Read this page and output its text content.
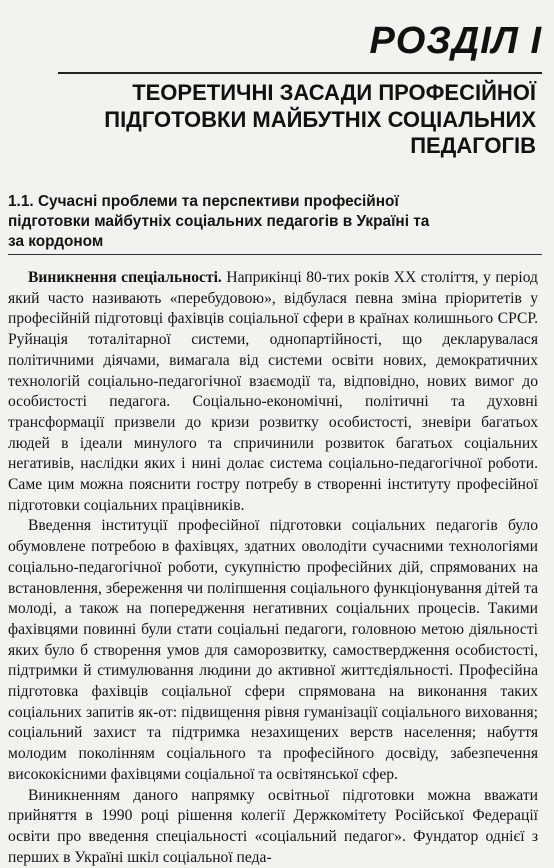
РОЗДІЛ І
ТЕОРЕТИЧНІ ЗАСАДИ ПРОФЕСІЙНОЇ ПІДГОТОВКИ МАЙБУТНІХ СОЦІАЛЬНИХ ПЕДАГОГІВ
1.1. Сучасні проблеми та перспективи професійної підготовки майбутніх соціальних педагогів в Україні та за кордоном

Виникнення спеціальності. Наприкінці 80-тих років XX століття, у період який часто називають «перебудовою», відбулася певна зміна пріоритетів у професійній підготовці фахівців соціальної сфери в країнах колишнього СРСР. Руйнація тоталітарної системи, однопартійності, що декларувалася політичними діячами, вимагала від системи освіти нових, демократичних технологій соціально-педагогічної взаємодії та, відповідно, нових вимог до особистості педагога. Соціально-економічні, політичні та духовні трансформації призвели до кризи розвитку особистості, зневіри багатьох людей в ідеали минулого та спричинили розвиток багатьох соціальних негативів, наслідки яких і нині долає система соціально-педагогічної роботи. Саме цим можна пояснити гостру потребу в створенні інституту професійної підготовки соціальних працівників.

Введення інституції професійної підготовки соціальних педагогів було обумовлене потребою в фахівцях, здатних оволодіти сучасними технологіями соціально-педагогічної роботи, сукупністю професійних дій, спрямованих на встановлення, збереження чи поліпшення соціального функціонування дітей та молоді, а також на попередження негативних соціальних процесів. Такими фахівцями повинні були стати соціальні педагоги, головною метою діяльності яких було б створення умов для саморозвитку, самоствердження особистості, підтримки й стимулювання людини до активної життєдіяльності. Професійна підготовка фахівців соціальної сфери спрямована на виконання таких соціальних запитів як-от: підвищення рівня гуманізації соціального виховання; соціальний захист та підтримка незахищених верств населення; набуття молодим поколінням соціального та професійного досвіду, забезпечення висококісними фахівцями соціальної та освітянської сфер.

Виникненням даного напрямку освітньої підготовки можна вважати прийняття в 1990 році рішення колегії Держкомітету Російської Федерації освіти про введення спеціальності «соціальний педагог». Фундатор однієї з перших в Україні шкіл соціальної педа-
